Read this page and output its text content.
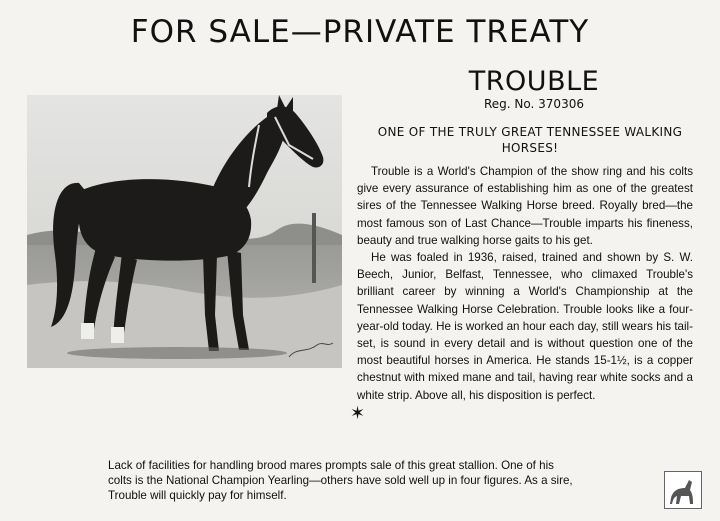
FOR SALE—PRIVATE TREATY
TROUBLE
Reg. No. 370306
ONE OF THE TRULY GREAT TENNESSEE WALKING HORSES!

Trouble is a World's Champion of the show ring and his colts give every assurance of establishing him as one of the greatest sires of the Tennessee Walking Horse breed. Royally bred—the most famous son of Last Chance—Trouble imparts his fineness, beauty and true walking horse gaits to his get.

He was foaled in 1936, raised, trained and shown by S. W. Beech, Junior, Belfast, Tennessee, who climaxed Trouble's brilliant career by winning a World's Championship at the Tennessee Walking Horse Celebration. Trouble looks like a four-year-old today. He is worked an hour each day, still wears his tail-set, is sound in every detail and is without question one of the most beautiful horses in America. He stands 15-1½, is a copper chestnut with mixed mane and tail, having rear white socks and a white strip. Above all, his disposition is perfect.

✶
Lack of facilities for handling brood mares prompts sale of this great stallion. One of his colts is the National Champion Yearling—others have sold well up in four figures. As a sire, Trouble will quickly pay for himself.
